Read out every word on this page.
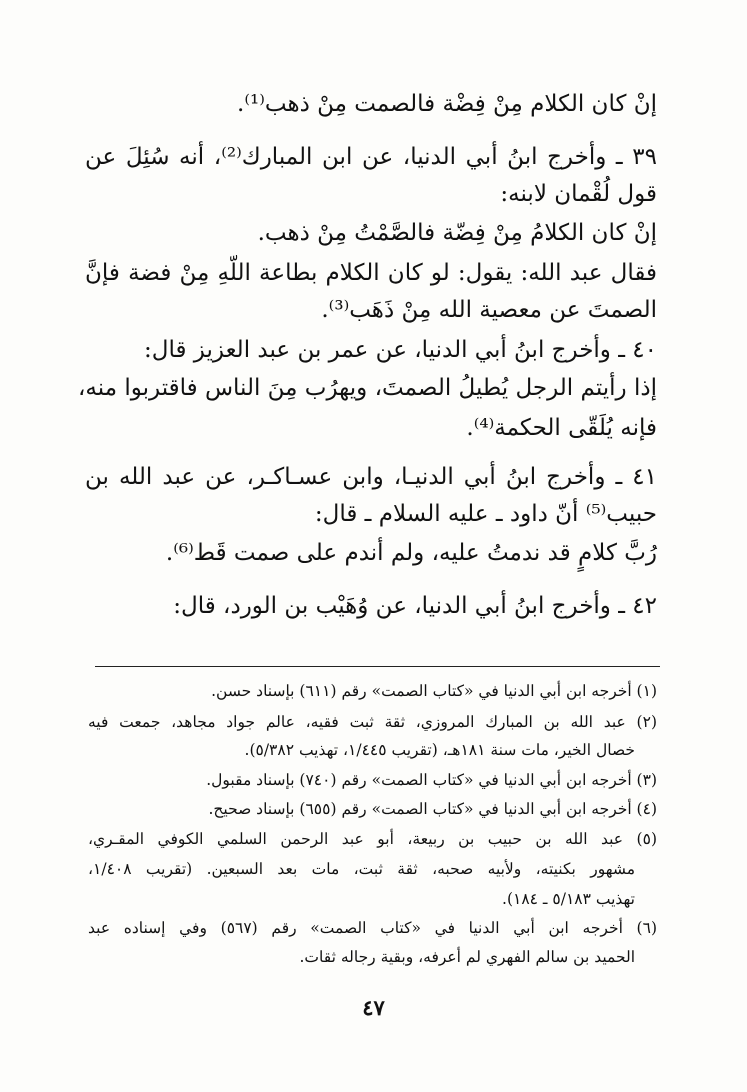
إنْ كان الكلام مِنْ فِضْة فالصمت مِنْ ذهب⁽¹⁾.
٣٩ ـ وأخرج ابنُ أبي الدنيا، عن ابن المبارك⁽²⁾، أنه سُئِلَ عن
قول لُقْمان لابنه:
إنْ كان الكلامُ مِنْ فِضّة فالصَّمْتُ مِنْ ذهب.
فقال عبد الله: يقول: لو كان الكلام بطاعة اللّهِ مِنْ فضة فإنَّ
الصمتَ عن معصية الله مِنْ ذَهَب⁽³⁾.
٤٠ ـ وأخرج ابنُ أبي الدنيا، عن عمر بن عبد العزيز قال:
إذا رأيتم الرجل يُطيلُ الصمتَ، ويهرُب مِنَ الناس فاقتربوا منه،
فإنه يُلَقّى الحكمة⁽⁴⁾.
٤١ ـ وأخرج ابنُ أبي الدنيـا، وابن عسـاكـر، عن عبد الله بن
حبيب⁽⁵⁾ أنّ داود ـ عليه السلام ـ قال:
رُبَّ كلامٍ قد ندمتُ عليه، ولم أندم على صمت قَط⁽⁶⁾.
٤٢ ـ وأخرج ابنُ أبي الدنيا، عن وُهَيْب بن الورد، قال:
(١) أخرجه ابن أبي الدنيا في «كتاب الصمت» رقم (٦١١) بإسناد حسن.
(٢) عبد الله بن المبارك المروزي، ثقة ثبت فقيه، عالم جواد مجاهد، جمعت فيه
خصال الخير، مات سنة ١٨١هـ، (تقريب ١/٤٤٥، تهذيب ٥/٣٨٢).
(٣) أخرجه ابن أبي الدنيا في «كتاب الصمت» رقم (٧٤٠) بإسناد مقبول.
(٤) أخرجه ابن أبي الدنيا في «كتاب الصمت» رقم (٦٥٥) بإسناد صحيح.
(٥) عبد الله بن حبيب بن ربيعة، أبو عبد الرحمن السلمي الكوفي المقـري،
مشهور بكنيته، ولأبيه صحبه، ثقة ثبت، مات بعد السبعين. (تقريب ١/٤٠٨،
تهذيب ٥/١٨٣ ـ ١٨٤).
(٦) أخرجه ابن أبي الدنيا في «كتاب الصمت» رقم (٥٦٧) وفي إسناده عبد
الحميد بن سالم الفهري لم أعرفه، وبقية رجاله ثقات.
٤٧
